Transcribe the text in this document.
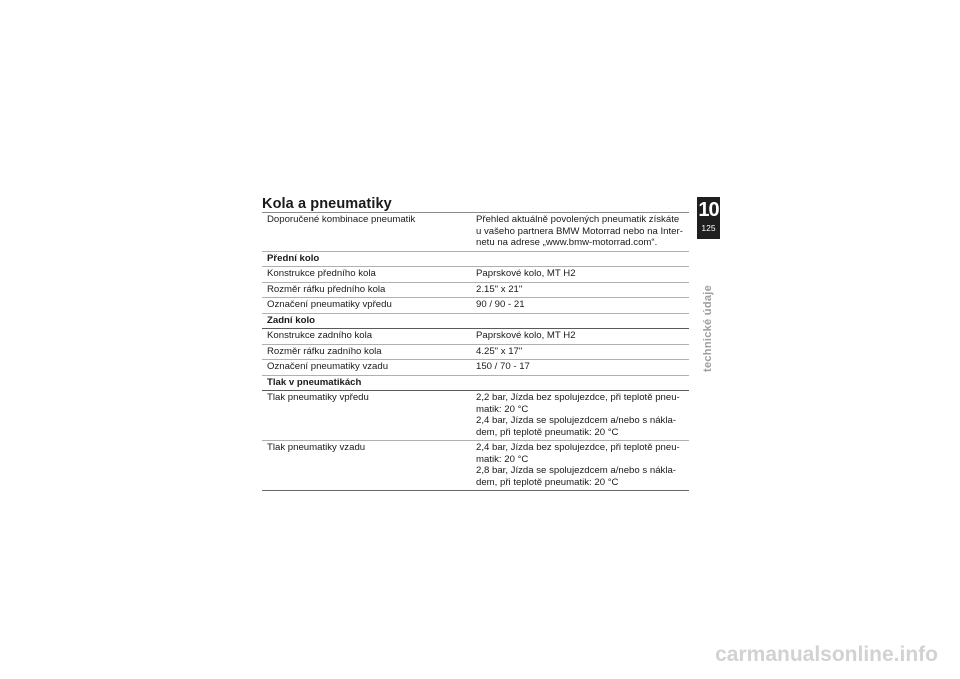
Kola a pneumatiky
Doporučené kombinace pneumatik	Přehled aktuálně povolených pneumatik získáte
u vašeho partnera BMW Motorrad nebo na Inter-
netu na adrese „www.bmw-motorrad.com“.
Přední kolo
Konstrukce předního kola	Paprskové kolo, MT H2
Rozměr ráfku předního kola	2.15" x 21"
Označení pneumatiky vpředu	90 / 90 - 21
Zadní kolo
Konstrukce zadního kola	Paprskové kolo, MT H2
Rozměr ráfku zadního kola	4.25" x 17"
Označení pneumatiky vzadu	150 / 70 - 17
Tlak v pneumatikách
Tlak pneumatiky vpředu	2,2 bar, Jízda bez spolujezdce, při teplotě pneu-
matik: 20 °C
2,4 bar, Jízda se spolujezdcem a/nebo s nákla-
dem, při teplotě pneumatik: 20 °C
Tlak pneumatiky vzadu	2,4 bar, Jízda bez spolujezdce, při teplotě pneu-
matik: 20 °C
2,8 bar, Jízda se spolujezdcem a/nebo s nákla-
dem, při teplotě pneumatik: 20 °C
10
125
technické údaje
carmanualsonline.info
